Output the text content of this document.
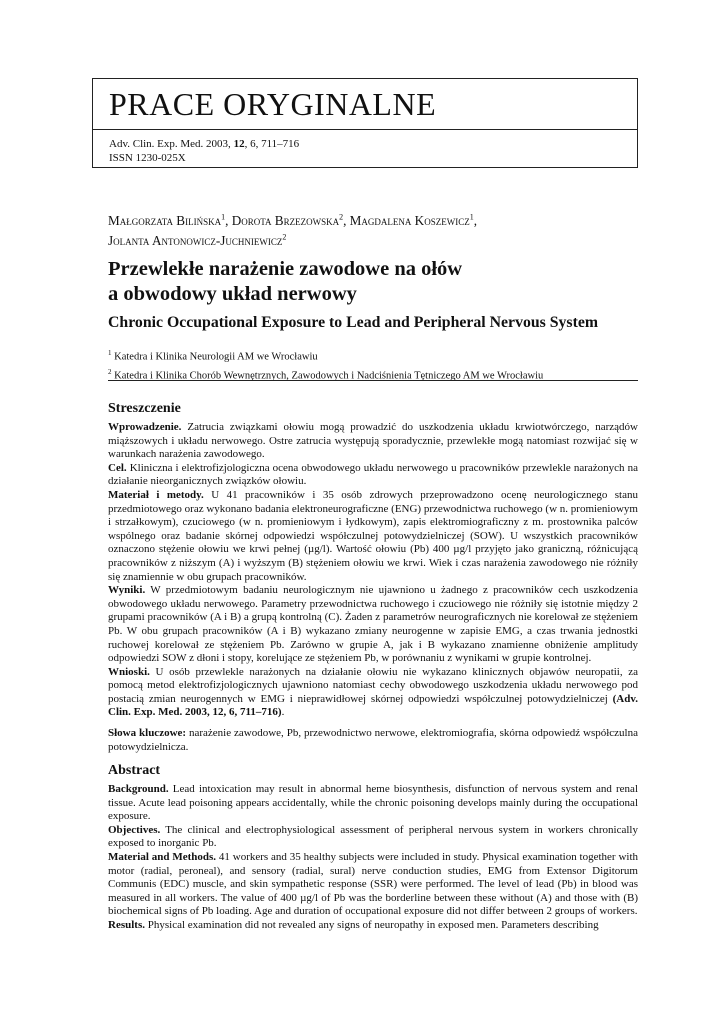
PRACE ORYGINALNE
Adv. Clin. Exp. Med. 2003, 12, 6, 711–716
ISSN 1230-025X
Małgorzata Bilińska$^1$, Dorota Brzezowska$^2$, Magdalena Koszewicz$^1$,
Jolanta Antonowicz-Juchniewicz$^2$
Przewlekłe narażenie zawodowe na ołów
a obwodowy układ nerwowy
Chronic Occupational Exposure to Lead and Peripheral Nervous System
$^1$ Katedra i Klinika Neurologii AM we Wrocławiu
$^2$ Katedra i Klinika Chorób Wewnętrznych, Zawodowych i Nadciśnienia Tętniczego AM we Wrocławiu
Streszczenie

Wprowadzenie. Zatrucia związkami ołowiu mogą prowadzić do uszkodzenia układu krwiotwórczego, narządów miąższowych i układu nerwowego. Ostre zatrucia występują sporadycznie, przewlekłe mogą natomiast rozwijać się w warunkach narażenia zawodowego.

Cel. Kliniczna i elektrofizjologiczna ocena obwodowego układu nerwowego u pracowników przewlekle narażonych na działanie nieorganicznych związków ołowiu.

Materiał i metody. U 41 pracowników i 35 osób zdrowych przeprowadzono ocenę neurologicznego stanu przedmiotowego oraz wykonano badania elektroneurograficzne (ENG) przewodnictwa ruchowego (w n. promieniowym i strzałkowym), czuciowego (w n. promieniowym i łydkowym), zapis elektromiograficzny z m. prostownika palców wspólnego oraz badanie skórnej odpowiedzi współczulnej potowydzielniczej (SOW). U wszystkich pracowników oznaczono stężenie ołowiu we krwi pełnej (µg/l). Wartość ołowiu (Pb) 400 µg/l przyjęto jako graniczną, różnicującą pracowników z niższym (A) i wyższym (B) stężeniem ołowiu we krwi. Wiek i czas narażenia zawodowego nie różniły się znamiennie w obu grupach pracowników.

Wyniki. W przedmiotowym badaniu neurologicznym nie ujawniono u żadnego z pracowników cech uszkodzenia obwodowego układu nerwowego. Parametry przewodnictwa ruchowego i czuciowego nie różniły się istotnie między 2 grupami pracowników (A i B) a grupą kontrolną (C). Żaden z parametrów neurograficznych nie korelował ze stężeniem Pb. W obu grupach pracowników (A i B) wykazano zmiany neurogenne w zapisie EMG, a czas trwania jednostki ruchowej korelował ze stężeniem Pb. Zarówno w grupie A, jak i B wykazano znamienne obniżenie amplitudy odpowiedzi SOW z dłoni i stopy, korelujące ze stężeniem Pb, w porównaniu z wynikami w grupie kontrolnej.

Wnioski. U osób przewlekle narażonych na działanie ołowiu nie wykazano klinicznych objawów neuropatii, za pomocą metod elektrofizjologicznych ujawniono natomiast cechy obwodowego uszkodzenia układu nerwowego pod postacią zmian neurogennych w EMG i nieprawidłowej skórnej odpowiedzi współczulnej potowydzielniczej (Adv. Clin. Exp. Med. 2003, 12, 6, 711–716).

Słowa kluczowe: narażenie zawodowe, Pb, przewodnictwo nerwowe, elektromiografia, skórna odpowiedź współczulna potowydzielnicza.

Abstract

Background. Lead intoxication may result in abnormal heme biosynthesis, disfunction of nervous system and renal tissue. Acute lead poisoning appears accidentally, while the chronic poisoning develops mainly during the occupational exposure.

Objectives. The clinical and electrophysiological assessment of peripheral nervous system in workers chronically exposed to inorganic Pb.

Material and Methods. 41 workers and 35 healthy subjects were included in study. Physical examination together with motor (radial, peroneal), and sensory (radial, sural) nerve conduction studies, EMG from Extensor Digitorum Communis (EDC) muscle, and skin sympathetic response (SSR) were performed. The level of lead (Pb) in blood was measured in all workers. The value of 400 µg/l of Pb was the borderline between these without (A) and those with (B) biochemical signs of Pb loading. Age and duration of occupational exposure did not differ between 2 groups of workers.

Results. Physical examination did not revealed any signs of neuropathy in exposed men. Parameters describing
